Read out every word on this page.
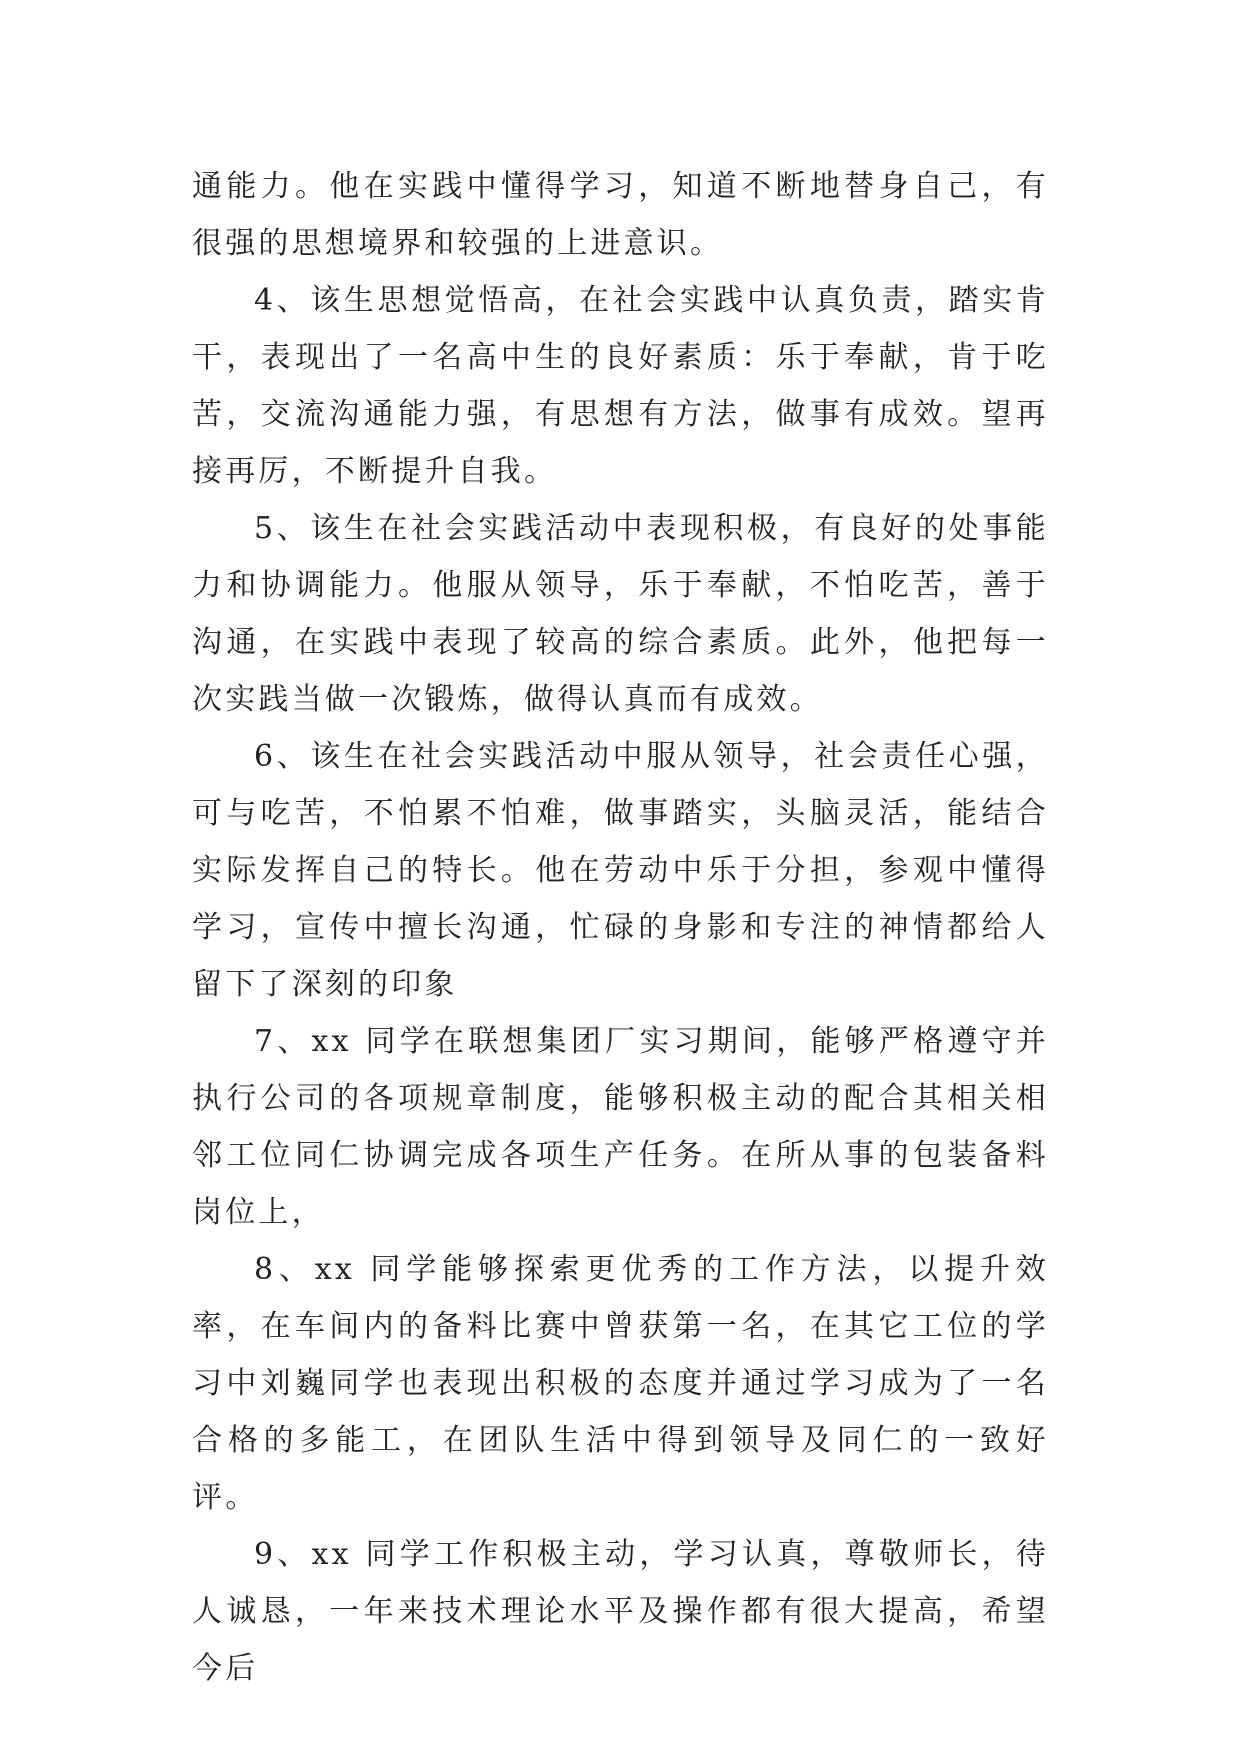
通能力。他在实践中懂得学习，知道不断地替身自己，有很强的思想境界和较强的上进意识。

4、该生思想觉悟高，在社会实践中认真负责，踏实肯干，表现出了一名高中生的良好素质：乐于奉献，肯于吃苦，交流沟通能力强，有思想有方法，做事有成效。望再接再厉，不断提升自我。

5、该生在社会实践活动中表现积极，有良好的处事能力和协调能力。他服从领导，乐于奉献，不怕吃苦，善于沟通，在实践中表现了较高的综合素质。此外，他把每一次实践当做一次锻炼，做得认真而有成效。

6、该生在社会实践活动中服从领导，社会责任心强，可与吃苦，不怕累不怕难，做事踏实，头脑灵活，能结合实际发挥自己的特长。他在劳动中乐于分担，参观中懂得学习，宣传中擅长沟通，忙碌的身影和专注的神情都给人留下了深刻的印象

7、xx 同学在联想集团厂实习期间，能够严格遵守并执行公司的各项规章制度，能够积极主动的配合其相关相邻工位同仁协调完成各项生产任务。在所从事的包装备料岗位上，

8、xx 同学能够探索更优秀的工作方法，以提升效率，在车间内的备料比赛中曾获第一名，在其它工位的学习中刘巍同学也表现出积极的态度并通过学习成为了一名合格的多能工，在团队生活中得到领导及同仁的一致好评。

9、xx 同学工作积极主动，学习认真，尊敬师长，待人诚恳，一年来技术理论水平及操作都有很大提高，希望今后
